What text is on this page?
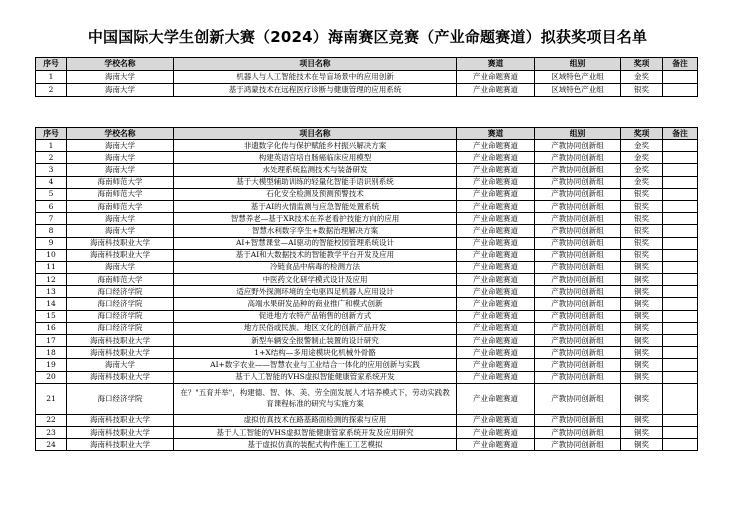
中国国际大学生创新大赛（2024）海南赛区竞赛（产业命题赛道）拟获奖项目名单
序号	学校名称	项目名称	赛道	组别	奖项	备注
1	海南大学	机器人与人工智能技术在导盲场景中的应用创新	产业命题赛道	区域特色产业组	金奖	
2	海南大学	基于鸿蒙技术在远程医疗诊断与健康管理的应用系统	产业命题赛道	区域特色产业组	银奖	
序号	学校名称	项目名称	赛道	组别	奖项	备注
1	海南大学	非遗数字化传与保护赋能乡村振兴解决方案	产业命题赛道	产教协同创新组	金奖	
2	海南大学	构建英语官培自肠癌临床应用模型	产业命题赛道	产教协同创新组	金奖	
3	海南大学	水处理系统监测技术与装备研发	产业命题赛道	产教协同创新组	金奖	
4	海南师范大学	基于大模型辅助训练的轻量化智能手语识别系统	产业命题赛道	产教协同创新组	金奖	
5	海南师范大学	石化安全检测及预测预警技术	产业命题赛道	产教协同创新组	银奖	
6	海南师范大学	基于AI的火情监测与应急智能处置系统	产业命题赛道	产教协同创新组	银奖	
7	海南大学	智慧养老—基于XR技术在养老看护技能方向的应用	产业命题赛道	产教协同创新组	银奖	
8	海南大学	智慧水利数字孪生+数据治理解决方案	产业命题赛道	产教协同创新组	银奖	
9	海南科技职业大学	AI+智慧课堂—AI驱动的智能校园管理系统设计	产业命题赛道	产教协同创新组	银奖	
10	海南科技职业大学	基于AI和大数据技术的智能教学平台开发及应用	产业命题赛道	产教协同创新组	银奖	
11	海南大学	冷链食品中病毒的检测方法	产业命题赛道	产教协同创新组	铜奖	
12	海南师范大学	中医药文化研学模式设计及应用	产业命题赛道	产教协同创新组	铜奖	
13	海口经济学院	适应野外探测环境的全电驱四足机器人应用设计	产业命题赛道	产教协同创新组	铜奖	
14	海口经济学院	高端水果研发品种的商业推广和模式创新	产业命题赛道	产教协同创新组	铜奖	
15	海口经济学院	促进地方农特产品销售的创新方式	产业命题赛道	产教协同创新组	铜奖	
16	海口经济学院	地方民俗或民族、地区文化的创新产品开发	产业命题赛道	产教协同创新组	铜奖	
17	海南科技职业大学	新型车辆安全报警制止装置的设计研究	产业命题赛道	产教协同创新组	铜奖	
18	海南科技职业大学	1+X结构—多用途模块化机械外骨骼	产业命题赛道	产教协同创新组	铜奖	
19	海南大学	AI+数字农业——智慧农业与工业结合一体化的应用创新与实践	产业命题赛道	产教协同创新组	铜奖	
20	海南科技职业大学	基于人工智能的VHS虚拟智能健康管家系统开发	产业命题赛道	产教协同创新组	铜奖	
21	海口经济学院	在？"五育并举"，构建德、智、体、美、劳全面发展人才培养模式下，劳动实践教育课程标准的研究与实施方案	产业命题赛道	产教协同创新组	铜奖	
22	海南科技职业大学	虚拟仿真技术在路基路面检测的探索与应用	产业命题赛道	产教协同创新组	铜奖	
23	海南科技职业大学	基于人工智能的VHS虚拟智能健康管家系统开发及应用研究	产业命题赛道	产教协同创新组	铜奖	
24	海南科技职业大学	基于虚拟仿真的装配式构件施工工艺模拟	产业命题赛道	产教协同创新组	铜奖	
